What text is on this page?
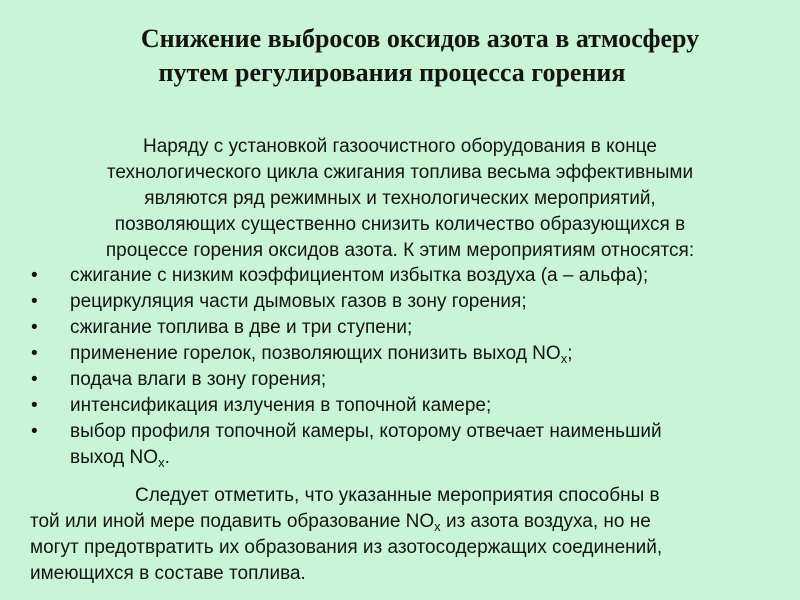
Снижение выбросов оксидов азота в атмосферу
путем регулирования процесса горения
Наряду с установкой газоочистного оборудования в конце
технологического цикла сжигания топлива весьма эффективными
являются ряд режимных и технологических мероприятий,
позволяющих существенно снизить количество образующихся в
процессе горения оксидов азота. К этим мероприятиям относятся:
• сжигание с низким коэффициентом избытка воздуха (а – альфа);
• рециркуляция части дымовых газов в зону горения;
• сжигание топлива в две и три ступени;
• применение горелок, позволяющих понизить выход $NO_x$;
• подача влаги в зону горения;
• интенсификация излучения в топочной камере;
• выбор профиля топочной камеры, которому отвечает наименьший
выход $NO_x$.
Следует отметить, что указанные мероприятия способны в
той или иной мере подавить образование $NO_x$ из азота воздуха, но не
могут предотвратить их образования из азотосодержащих соединений,
имеющихся в составе топлива.
